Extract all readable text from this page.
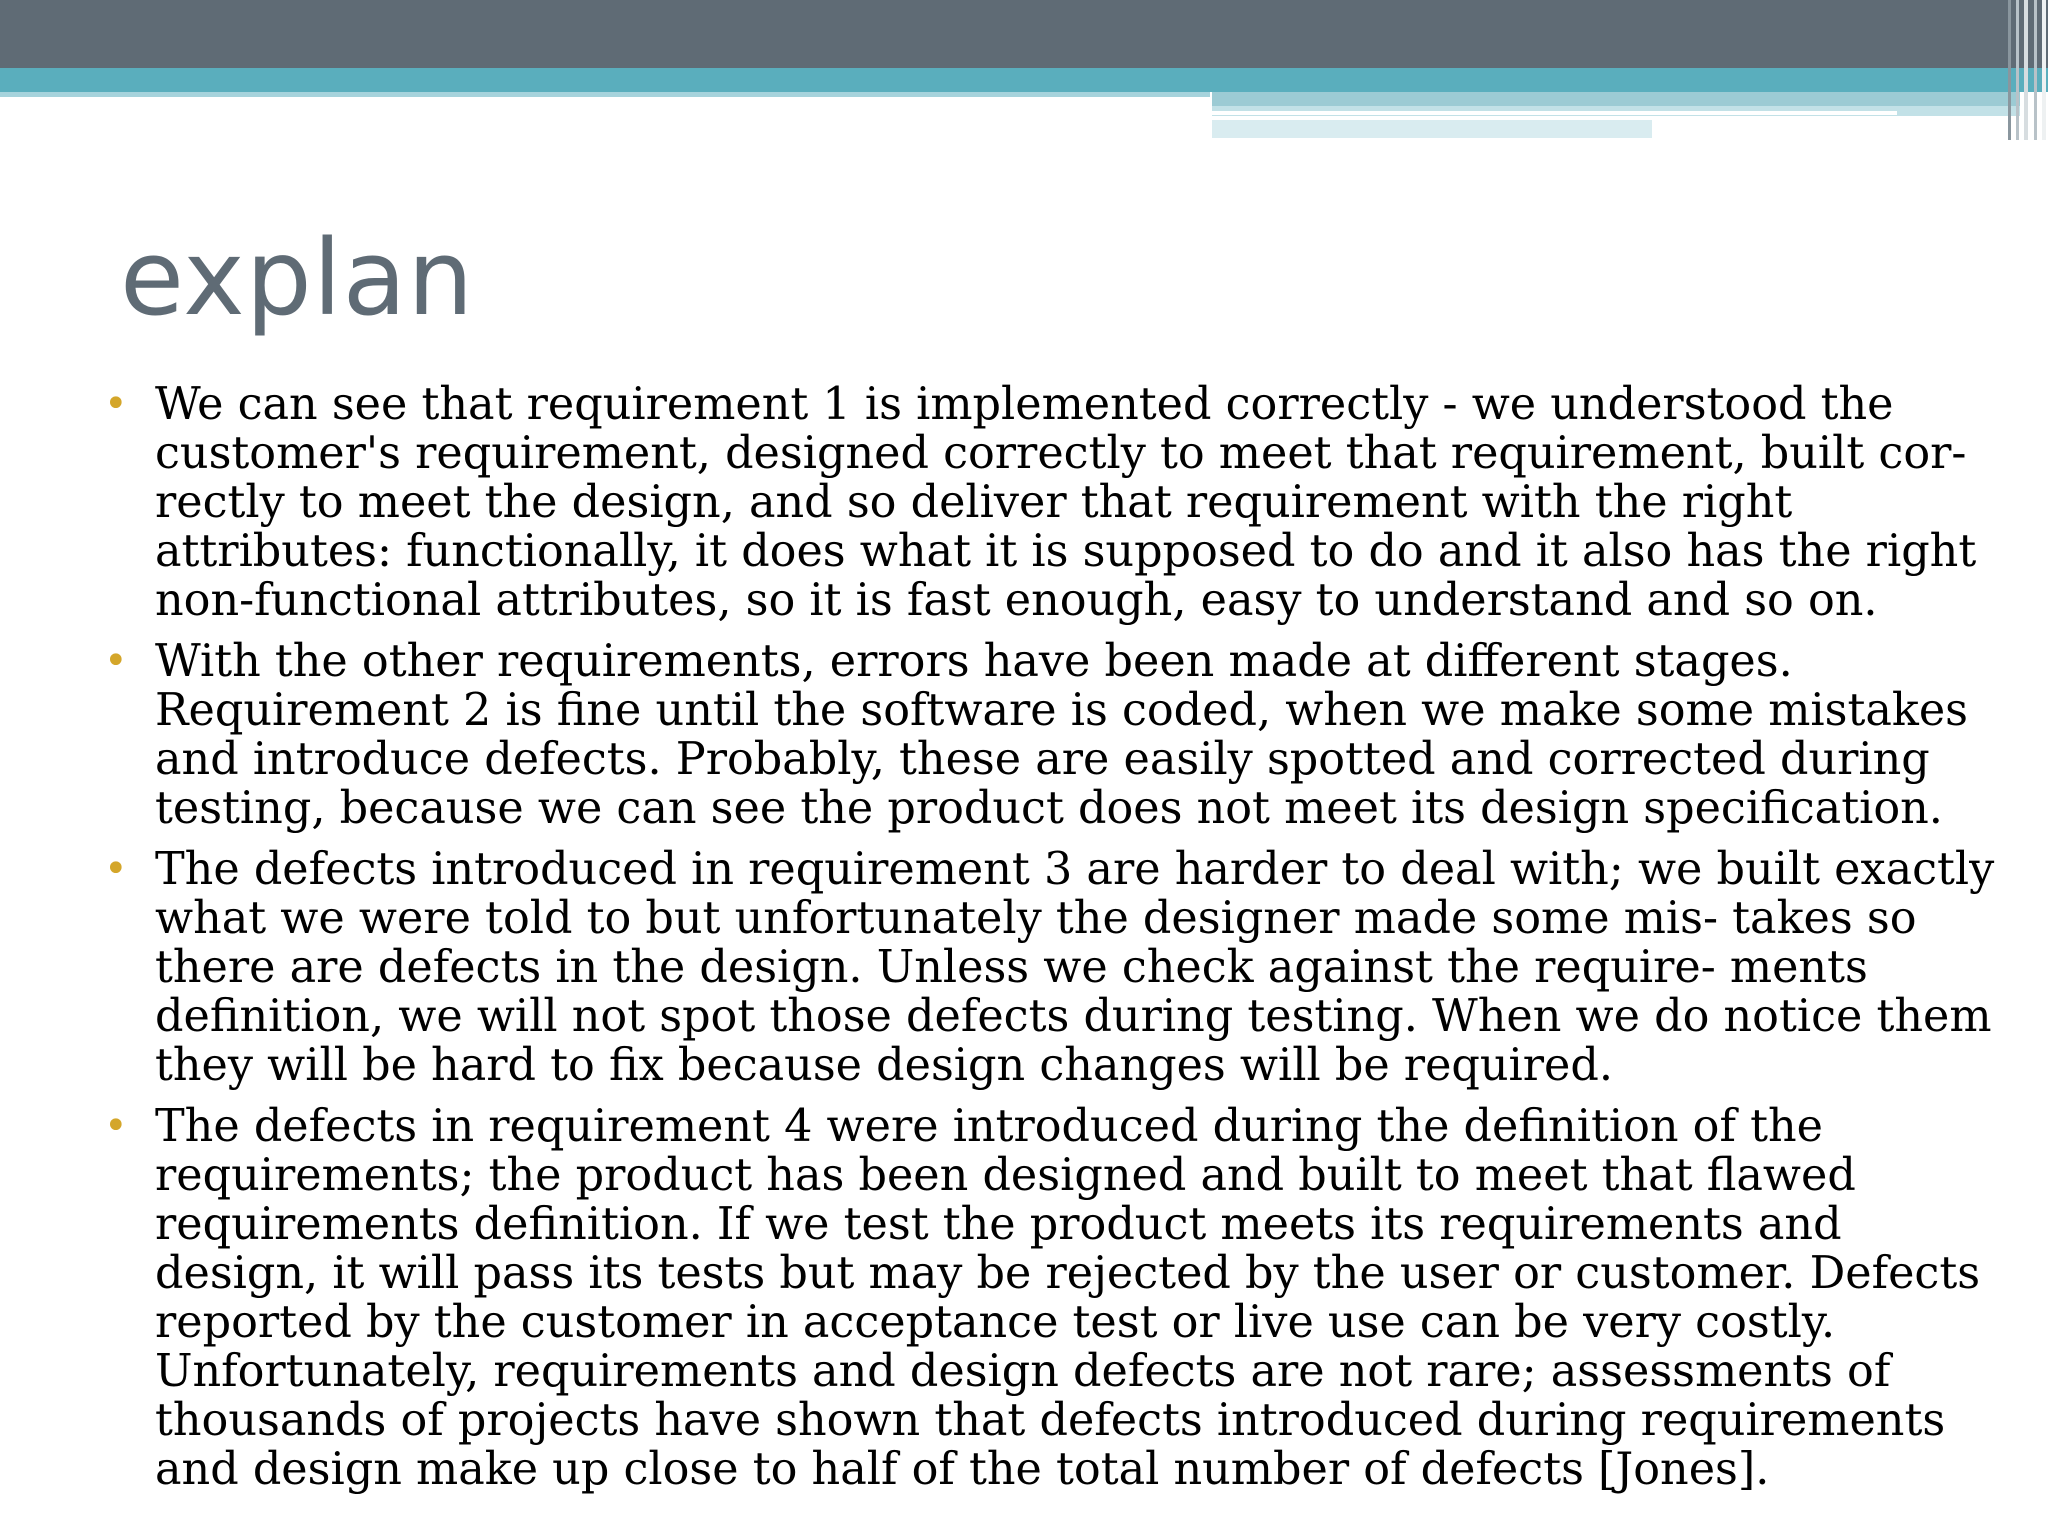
explan
• We can see that requirement 1 is implemented correctly - we understood the customer's requirement, designed correctly to meet that requirement, built cor- rectly to meet the design, and so deliver that requirement with the right attributes: functionally, it does what it is supposed to do and it also has the right non-functional attributes, so it is fast enough, easy to understand and so on.
• With the other requirements, errors have been made at different stages. Requirement 2 is fine until the software is coded, when we make some mistakes and introduce defects. Probably, these are easily spotted and corrected during testing, because we can see the product does not meet its design specification.
• The defects introduced in requirement 3 are harder to deal with; we built exactly what we were told to but unfortunately the designer made some mis- takes so there are defects in the design. Unless we check against the require- ments definition, we will not spot those defects during testing. When we do notice them they will be hard to fix because design changes will be required.
• The defects in requirement 4 were introduced during the definition of the requirements; the product has been designed and built to meet that flawed requirements definition. If we test the product meets its requirements and design, it will pass its tests but may be rejected by the user or customer. Defects reported by the customer in acceptance test or live use can be very costly. Unfortunately, requirements and design defects are not rare; assessments of thousands of projects have shown that defects introduced during requirements and design make up close to half of the total number of defects [Jones].
